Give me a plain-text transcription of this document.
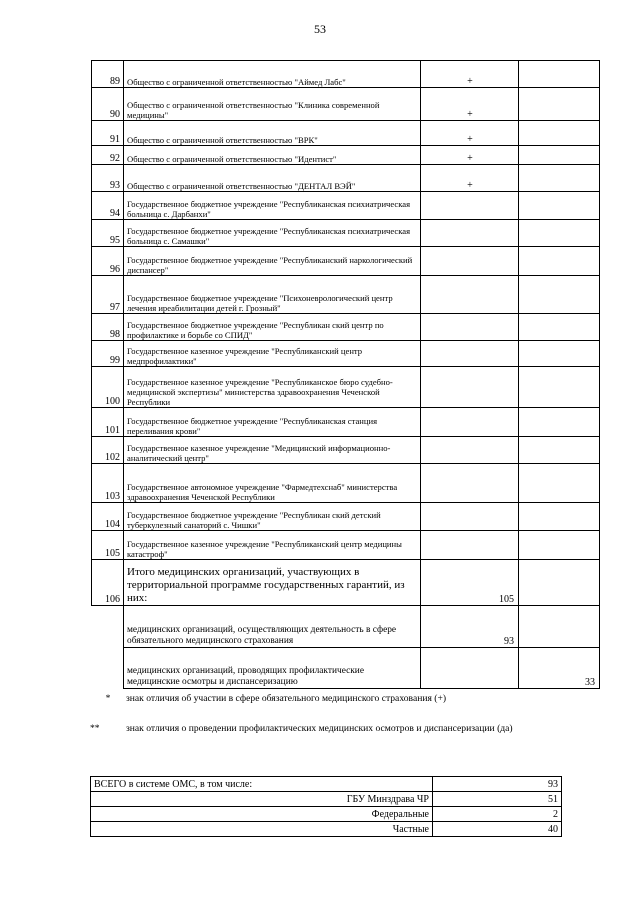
53
89	Общество с ограниченной ответственностью "Аймед Лабс"	+	
90	Общество с ограниченной ответственностью "Клиника современной медицины"	+	
91	Общество с ограниченной ответственностью "ВРК"	+	
92	Общество с ограниченной ответственностью "Идентист"	+	
93	Общество с ограниченной ответственностью "ДЕНТАЛ ВЭЙ"	+	
94	Государственное бюджетное учреждение "Республиканская психиатрическая больница с. Дарбанхи"		
95	Государственное бюджетное учреждение "Республиканская психиатрическая больница с. Самашки"		
96	Государственное бюджетное учреждение "Республиканский наркологический диспансер"		
97	Государственное бюджетное учреждение "Психоневрологический центр лечения иреабилитации детей г. Грозный"		
98	Государственное бюджетное учреждение "Республикан ский центр по профилактике и борьбе со СПИД"		
99	Государственное казенное учреждение "Республиканский центр медпрофилактики"		
100	Государственное казенное учреждение "Республиканское бюро судебно-медицинской экспертизы" министерства здравоохранения Чеченской Республики		
101	Государственное бюджетное учреждение "Республиканская станция переливания крови"		
102	Государственное казенное учреждение "Медицинский информационно-аналитический центр"		
103	Государственное автономное учреждение "Фармедтехснаб" министерства здравоохранения Чеченской Республики		
104	Государственное бюджетное учреждение "Республикан ский детский туберкулезный санаторий с. Чишки"		
105	Государственное казенное учреждение "Республиканский центр медицины катастроф"		
106	Итого медицинских организаций, участвующих в территориальной программе государственных гарантий, из них:	105	
	медицинских организаций, осуществляющих деятельность в сфере обязательного медицинского страхования	93	
	медицинских организаций, проводящих профилактические медицинские осмотры и диспансеризацию		33
* знак отличия об участии в сфере обязательного медицинского страхования (+)
**	знак отличия о проведении профилактических медицинских осмотров и диспансеризации (да)
ВСЕГО в системе ОМС, в том числе:	93
ГБУ Минздрава ЧР	51
Федеральные	2
Частные	40
